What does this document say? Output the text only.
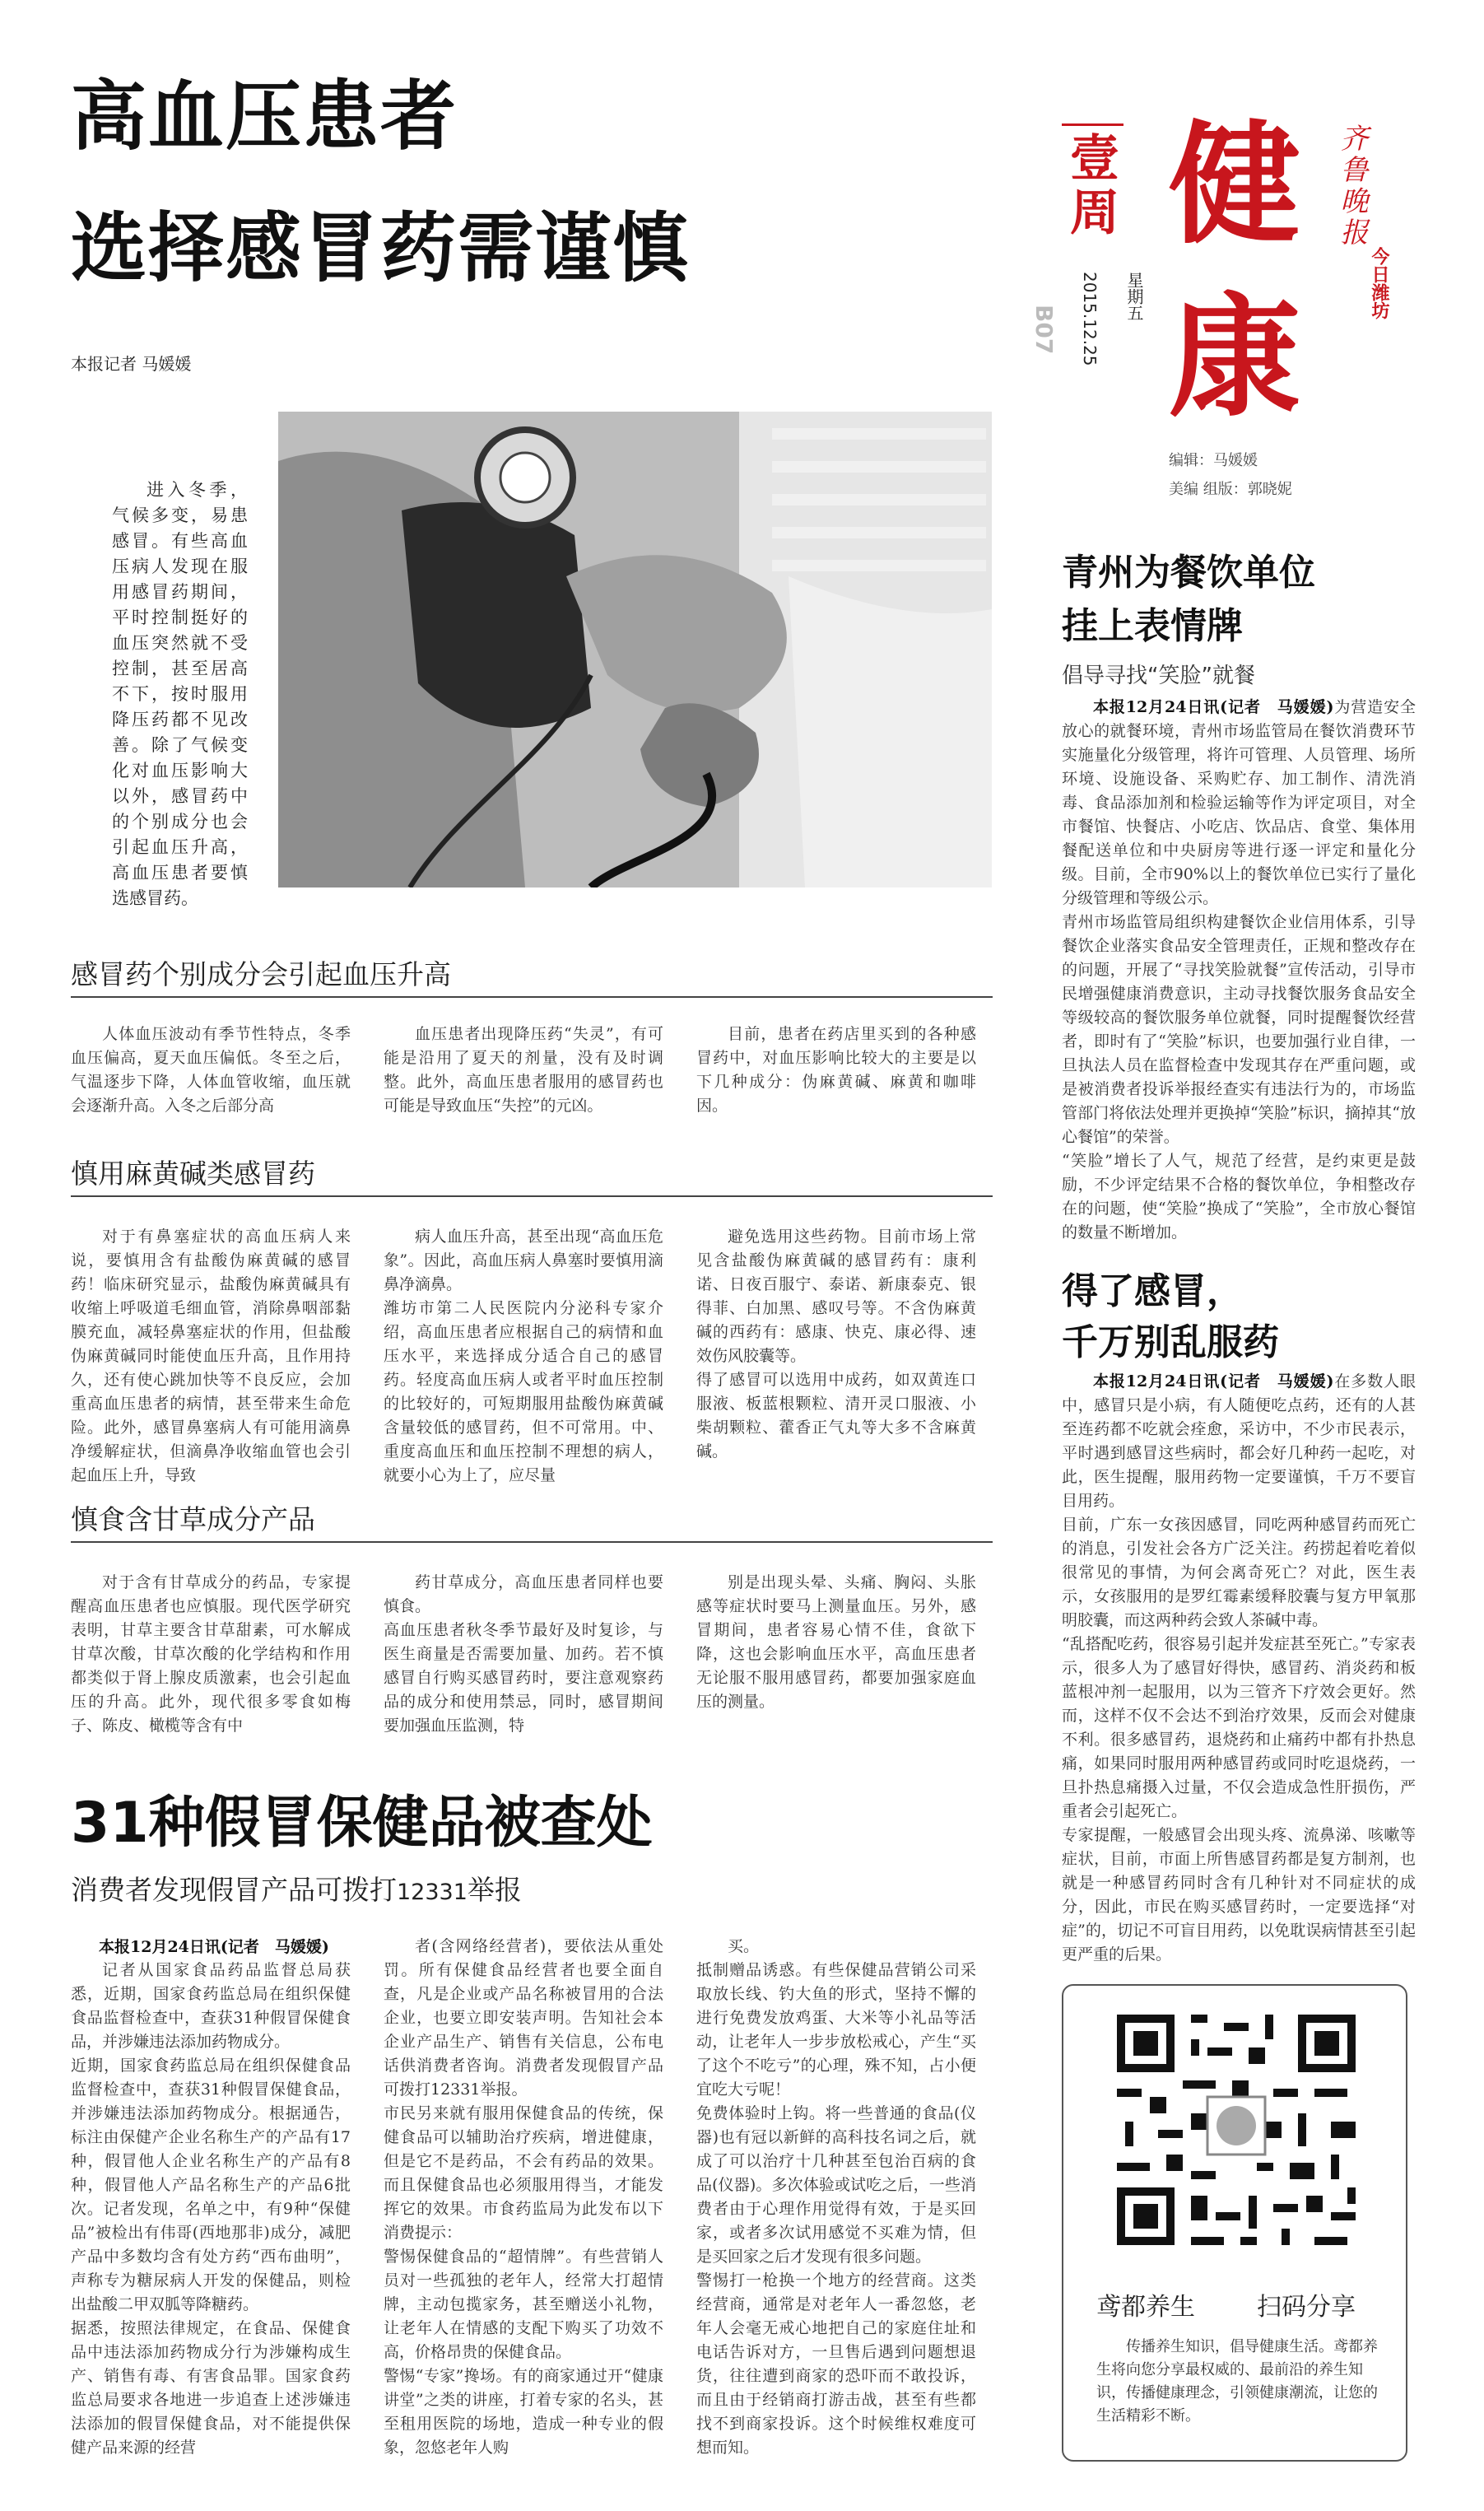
高血压患者
选择感冒药需谨慎
本报记者 马媛媛
进入冬季，气候多变，易患感冒。有些高血压病人发现在服用感冒药期间，平时控制挺好的血压突然就不受控制，甚至居高不下，按时服用降压药都不见改善。除了气候变化对血压影响大以外，感冒药中的个别成分也会引起血压升高，高血压患者要慎选感冒药。
感冒药个别成分会引起血压升高
人体血压波动有季节性特点，冬季血压偏高，夏天血压偏低。冬至之后，气温逐步下降，人体血管收缩，血压就会逐渐升高。入冬之后部分高
血压患者出现降压药“失灵”，有可能是沿用了夏天的剂量，没有及时调整。此外，高血压患者服用的感冒药也可能是导致血压“失控”的元凶。
目前，患者在药店里买到的各种感冒药中，对血压影响比较大的主要是以下几种成分：伪麻黄碱、麻黄和咖啡因。
慎用麻黄碱类感冒药
对于有鼻塞症状的高血压病人来说，要慎用含有盐酸伪麻黄碱的感冒药！临床研究显示，盐酸伪麻黄碱具有收缩上呼吸道毛细血管，消除鼻咽部黏膜充血，减轻鼻塞症状的作用，但盐酸伪麻黄碱同时能使血压升高，且作用持久，还有使心跳加快等不良反应，会加重高血压患者的病情，甚至带来生命危险。此外，感冒鼻塞病人有可能用滴鼻净缓解症状，但滴鼻净收缩血管也会引起血压上升，导致
病人血压升高，甚至出现“高血压危象”。因此，高血压病人鼻塞时要慎用滴鼻净滴鼻。
潍坊市第二人民医院内分泌科专家介绍，高血压患者应根据自己的病情和血压水平，来选择成分适合自己的感冒药。轻度高血压病人或者平时血压控制的比较好的，可短期服用盐酸伪麻黄碱含量较低的感冒药，但不可常用。中、重度高血压和血压控制不理想的病人，就要小心为上了，应尽量
避免选用这些药物。目前市场上常见含盐酸伪麻黄碱的感冒药有：康利诺、日夜百服宁、泰诺、新康泰克、银得菲、白加黑、感叹号等。不含伪麻黄碱的西药有：感康、快克、康必得、速效伤风胶囊等。
得了感冒可以选用中成药，如双黄连口服液、板蓝根颗粒、清开灵口服液、小柴胡颗粒、藿香正气丸等大多不含麻黄碱。
慎食含甘草成分产品
对于含有甘草成分的药品，专家提醒高血压患者也应慎服。现代医学研究表明，甘草主要含甘草甜素，可水解成甘草次酸，甘草次酸的化学结构和作用都类似于肾上腺皮质激素，也会引起血压的升高。此外，现代很多零食如梅子、陈皮、橄榄等含有中
药甘草成分，高血压患者同样也要慎食。
高血压患者秋冬季节最好及时复诊，与医生商量是否需要加量、加药。若不慎感冒自行购买感冒药时，要注意观察药品的成分和使用禁忌，同时，感冒期间要加强血压监测，特
别是出现头晕、头痛、胸闷、头胀感等症状时要马上测量血压。另外，感冒期间，患者容易心情不佳，食欲下降，这也会影响血压水平，高血压患者无论服不服用感冒药，都要加强家庭血压的测量。
31种假冒保健品被查处
消费者发现假冒产品可拨打12331举报
本报12月24日讯(记者　马媛媛)
记者从国家食品药品监督总局获悉，近期，国家食药监总局在组织保健食品监督检查中，查获31种假冒保健食品，并涉嫌违法添加药物成分。
近期，国家食药监总局在组织保健食品监督检查中，查获31种假冒保健食品，并涉嫌违法添加药物成分。根据通告，标注由保健产企业名称生产的产品有17种，假冒他人企业名称生产的产品有8种，假冒他人产品名称生产的产品6批次。记者发现，名单之中，有9种“保健品”被检出有伟哥(西地那非)成分，减肥产品中多数均含有处方药“西布曲明”，声称专为糖尿病人开发的保健品，则检出盐酸二甲双胍等降糖药。
据悉，按照法律规定，在食品、保健食品中违法添加药物成分行为涉嫌构成生产、销售有毒、有害食品罪。国家食药监总局要求各地进一步追查上述涉嫌违法添加的假冒保健食品，对不能提供保健产品来源的经营
者(含网络经营者)，要依法从重处罚。所有保健食品经营者也要全面自查，凡是企业或产品名称被冒用的合法企业，也要立即安装声明。告知社会本企业产品生产、销售有关信息，公布电话供消费者咨询。消费者发现假冒产品可拨打12331举报。
市民另来就有服用保健食品的传统，保健食品可以辅助治疗疾病，增进健康，但是它不是药品，不会有药品的效果。而且保健食品也必须服用得当，才能发挥它的效果。市食药监局为此发布以下消费提示：
警惕保健食品的“超情牌”。有些营销人员对一些孤独的老年人，经常大打超情牌，主动包揽家务，甚至赠送小礼物，让老年人在情感的支配下购买了功效不高，价格昂贵的保健食品。
警惕“专家”搀场。有的商家通过开“健康讲堂”之类的讲座，打着专家的名头，甚至租用医院的场地，造成一种专业的假象，忽悠老年人购
买。
抵制赠品诱惑。有些保健品营销公司采取放长线、钓大鱼的形式，坚持不懈的进行免费发放鸡蛋、大米等小礼品等活动，让老年人一步步放松戒心，产生“买了这个不吃亏”的心理，殊不知，占小便宜吃大亏呢！
免费体验时上钩。将一些普通的食品(仪器)也有冠以新鲜的高科技名词之后，就成了可以治疗十几种甚至包治百病的食品(仪器)。多次体验或试吃之后，一些消费者由于心理作用觉得有效，于是买回家，或者多次试用感觉不买难为情，但是买回家之后才发现有很多问题。
警惕打一枪换一个地方的经营商。这类经营商，通常是对老年人一番忽悠，老年人会毫无戒心地把自己的家庭住址和电话告诉对方，一旦售后遇到问题想退货，往往遭到商家的恐吓而不敢投诉，而且由于经销商打游击战，甚至有些都找不到商家投诉。这个时候维权难度可想而知。
壹周
B07
星期五
2015.12.25
健
康
齐鲁晚报
今日潍坊
编辑：马媛媛
美编 组版：郭晓妮
青州为餐饮单位
挂上表情牌
倡导寻找“笑脸”就餐
本报12月24日讯(记者　马媛媛)为营造安全放心的就餐环境，青州市场监管局在餐饮消费环节实施量化分级管理，将许可管理、人员管理、场所环境、设施设备、采购贮存、加工制作、清洗消毒、食品添加剂和检验运输等作为评定项目，对全市餐馆、快餐店、小吃店、饮品店、食堂、集体用餐配送单位和中央厨房等进行逐一评定和量化分级。目前，全市90%以上的餐饮单位已实行了量化分级管理和等级公示。
青州市场监管局组织构建餐饮企业信用体系，引导餐饮企业落实食品安全管理责任，正规和整改存在的问题，开展了“寻找笑脸就餐”宣传活动，引导市民增强健康消费意识，主动寻找餐饮服务食品安全等级较高的餐饮服务单位就餐，同时提醒餐饮经营者，即时有了“笑脸”标识，也要加强行业自律，一旦执法人员在监督检查中发现其存在严重问题，或是被消费者投诉举报经查实有违法行为的，市场监管部门将依法处理并更换掉“笑脸”标识，摘掉其“放心餐馆”的荣誉。
“笑脸”增长了人气，规范了经营，是约束更是鼓励，不少评定结果不合格的餐饮单位，争相整改存在的问题，使“笑脸”换成了“笑脸”，全市放心餐馆的数量不断增加。
得了感冒，
千万别乱服药
本报12月24日讯(记者　马媛媛)在多数人眼中，感冒只是小病，有人随便吃点药，还有的人甚至连药都不吃就会痊愈，采访中，不少市民表示，平时遇到感冒这些病时，都会好几种药一起吃，对此，医生提醒，服用药物一定要谨慎，千万不要盲目用药。
目前，广东一女孩因感冒，同吃两种感冒药而死亡的消息，引发社会各方广泛关注。药捞起着吃着似很常见的事情，为何会离奇死亡？对此，医生表示，女孩服用的是罗红霉素缓释胶囊与复方甲氧那明胶囊，而这两种药会致人茶碱中毒。
“乱搭配吃药，很容易引起并发症甚至死亡。”专家表示，很多人为了感冒好得快，感冒药、消炎药和板蓝根冲剂一起服用，以为三管齐下疗效会更好。然而，这样不仅不会达不到治疗效果，反而会对健康不利。很多感冒药，退烧药和止痛药中都有扑热息痛，如果同时服用两种感冒药或同时吃退烧药，一旦扑热息痛摄入过量，不仅会造成急性肝损伤，严重者会引起死亡。
专家提醒，一般感冒会出现头疼、流鼻涕、咳嗽等症状，目前，市面上所售感冒药都是复方制剂，也就是一种感冒药同时含有几种针对不同症状的成分，因此，市民在购买感冒药时，一定要选择“对症”的，切记不可盲目用药，以免耽误病情甚至引起更严重的后果。
鸢都养生	扫码分享
传播养生知识，倡导健康生活。鸢都养生将向您分享最权威的、最前沿的养生知识，传播健康理念，引领健康潮流，让您的生活精彩不断。
